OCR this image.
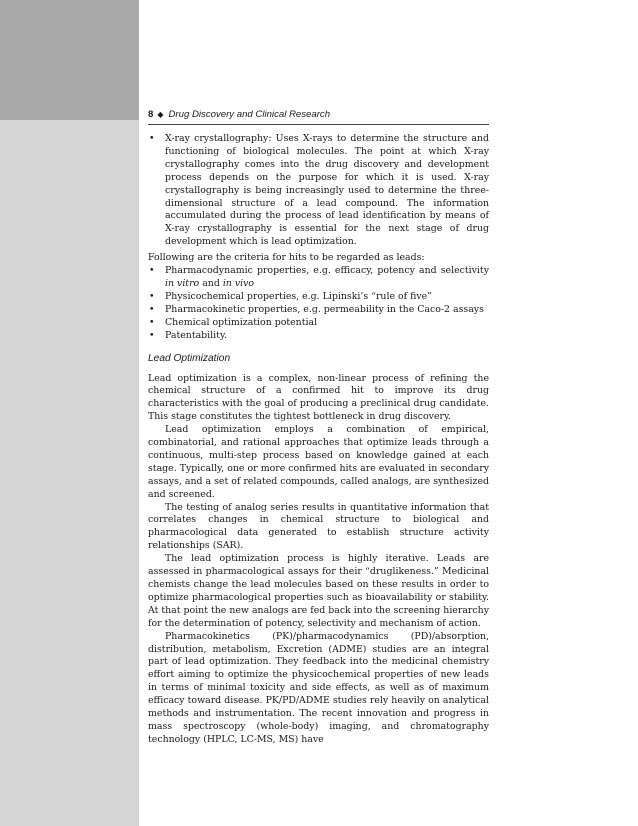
8 ◆ Drug Discovery and Clinical Research
• X-ray crystallography: Uses X-rays to determine the structure and functioning of biological molecules. The point at which X-ray crystallography comes into the drug discovery and development process depends on the purpose for which it is used. X-ray crystallography is being increasingly used to determine the three-dimensional structure of a lead compound. The information accumulated during the process of lead identification by means of X-ray crystallography is essential for the next stage of drug development which is lead optimization.

Following are the criteria for hits to be regarded as leads:

• Pharmacodynamic properties, e.g. efficacy, potency and selectivity in vitro and in vivo
• Physicochemical properties, e.g. Lipinski’s “rule of five”
• Pharmacokinetic properties, e.g. permeability in the Caco-2 assays
• Chemical optimization potential
• Patentability.
Lead Optimization

Lead optimization is a complex, non-linear process of refining the chemical structure of a confirmed hit to improve its drug characteristics with the goal of producing a preclinical drug candidate. This stage constitutes the tightest bottleneck in drug discovery.

Lead optimization employs a combination of empirical, combinatorial, and rational approaches that optimize leads through a continuous, multi-step process based on knowledge gained at each stage. Typically, one or more confirmed hits are evaluated in secondary assays, and a set of related compounds, called analogs, are synthesized and screened.

The testing of analog series results in quantitative information that correlates changes in chemical structure to biological and pharmacological data generated to establish structure activity relationships (SAR).

The lead optimization process is highly iterative. Leads are assessed in pharmacological assays for their “druglikeness.” Medicinal chemists change the lead molecules based on these results in order to optimize pharmacological properties such as bioavailability or stability. At that point the new analogs are fed back into the screening hierarchy for the determination of potency, selectivity and mechanism of action.

Pharmacokinetics (PK)/pharmacodynamics (PD)/absorption, distribution, metabolism, Excretion (ADME) studies are an integral part of lead optimization. They feedback into the medicinal chemistry effort aiming to optimize the physicochemical properties of new leads in terms of minimal toxicity and side effects, as well as of maximum efficacy toward disease. PK/PD/ADME studies rely heavily on analytical methods and instrumentation. The recent innovation and progress in mass spectroscopy (whole-body) imaging, and chromatography technology (HPLC, LC-MS, MS) have
